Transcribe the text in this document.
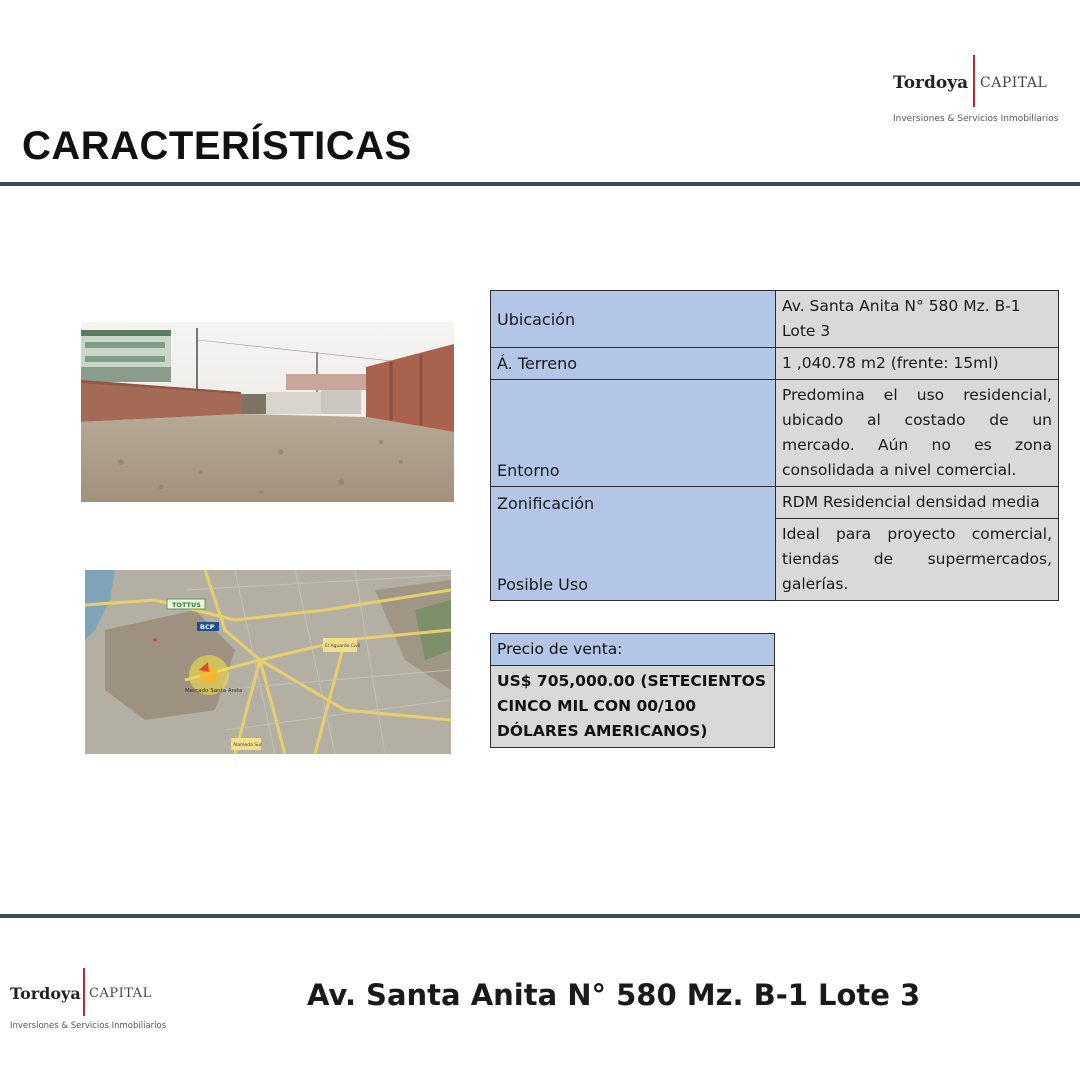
Tordoya CAPITAL
Inversiones & Servicios Inmobiliarios
CARACTERÍSTICAS
TOTTUS
BCP
Mercado Santa Anita
El Aguardo Civil
Alameda Sur
Ubicación	Av. Santa Anita N° 580 Mz. B-1 Lote 3
Á. Terreno	1 ,040.78 m2 (frente: 15ml)
Entorno	Predomina el uso residencial, ubicado al costado de un mercado. Aún no es zona consolidada a nivel comercial.
Zonificación	RDM Residencial densidad media
Posible Uso	Ideal para proyecto comercial, tiendas de supermercados, galerías.
Precio de venta:
US$ 705,000.00 (SETECIENTOS CINCO MIL CON 00/100 DÓLARES AMERICANOS)
Tordoya CAPITAL
Inversiones & Servicios Inmobiliarios
Av. Santa Anita N° 580 Mz. B-1 Lote 3
